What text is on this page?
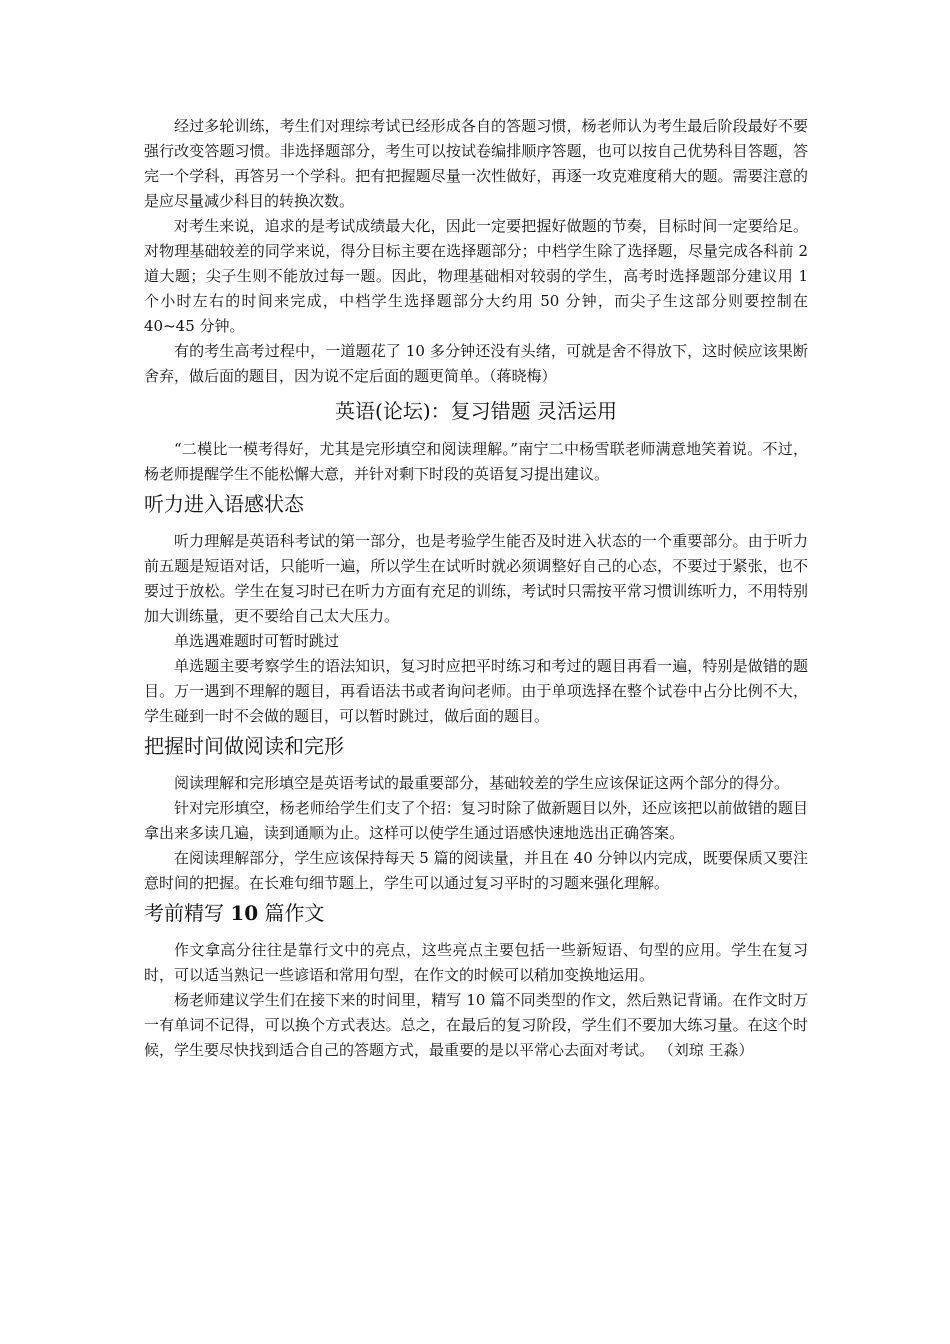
经过多轮训练，考生们对理综考试已经形成各自的答题习惯，杨老师认为考生最后阶段最好不要强行改变答题习惯。非选择题部分，考生可以按试卷编排顺序答题，也可以按自己优势科目答题，答完一个学科，再答另一个学科。把有把握题尽量一次性做好，再逐一攻克难度稍大的题。需要注意的是应尽量减少科目的转换次数。

对考生来说，追求的是考试成绩最大化，因此一定要把握好做题的节奏，目标时间一定要给足。对物理基础较差的同学来说，得分目标主要在选择题部分；中档学生除了选择题，尽量完成各科前 2 道大题；尖子生则不能放过每一题。因此，物理基础相对较弱的学生，高考时选择题部分建议用 1 个小时左右的时间来完成，中档学生选择题部分大约用 50 分钟，而尖子生这部分则要控制在 40~45 分钟。

有的考生高考过程中，一道题花了 10 多分钟还没有头绪，可就是舍不得放下，这时候应该果断舍弃，做后面的题目，因为说不定后面的题更简单。（蒋晓梅）

英语(论坛)：复习错题 灵活运用

“二模比一模考得好，尤其是完形填空和阅读理解。”南宁二中杨雪联老师满意地笑着说。不过，杨老师提醒学生不能松懈大意，并针对剩下时段的英语复习提出建议。

听力进入语感状态

听力理解是英语科考试的第一部分，也是考验学生能否及时进入状态的一个重要部分。由于听力前五题是短语对话，只能听一遍，所以学生在试听时就必须调整好自己的心态，不要过于紧张，也不要过于放松。学生在复习时已在听力方面有充足的训练，考试时只需按平常习惯训练听力，不用特别加大训练量，更不要给自己太大压力。

单选遇难题时可暂时跳过

单选题主要考察学生的语法知识，复习时应把平时练习和考过的题目再看一遍，特别是做错的题目。万一遇到不理解的题目，再看语法书或者询问老师。由于单项选择在整个试卷中占分比例不大，学生碰到一时不会做的题目，可以暂时跳过，做后面的题目。

把握时间做阅读和完形

阅读理解和完形填空是英语考试的最重要部分，基础较差的学生应该保证这两个部分的得分。

针对完形填空，杨老师给学生们支了个招：复习时除了做新题目以外，还应该把以前做错的题目拿出来多读几遍，读到通顺为止。这样可以使学生通过语感快速地选出正确答案。

在阅读理解部分，学生应该保持每天 5 篇的阅读量，并且在 40 分钟以内完成，既要保质又要注意时间的把握。在长难句细节题上，学生可以通过复习平时的习题来强化理解。

考前精写 10 篇作文

作文拿高分往往是靠行文中的亮点，这些亮点主要包括一些新短语、句型的应用。学生在复习时，可以适当熟记一些谚语和常用句型，在作文的时候可以稍加变换地运用。

杨老师建议学生们在接下来的时间里，精写 10 篇不同类型的作文，然后熟记背诵。在作文时万一有单词不记得，可以换个方式表达。总之，在最后的复习阶段，学生们不要加大练习量。在这个时候，学生要尽快找到适合自己的答题方式，最重要的是以平常心去面对考试。 （刘琼 王淼）
